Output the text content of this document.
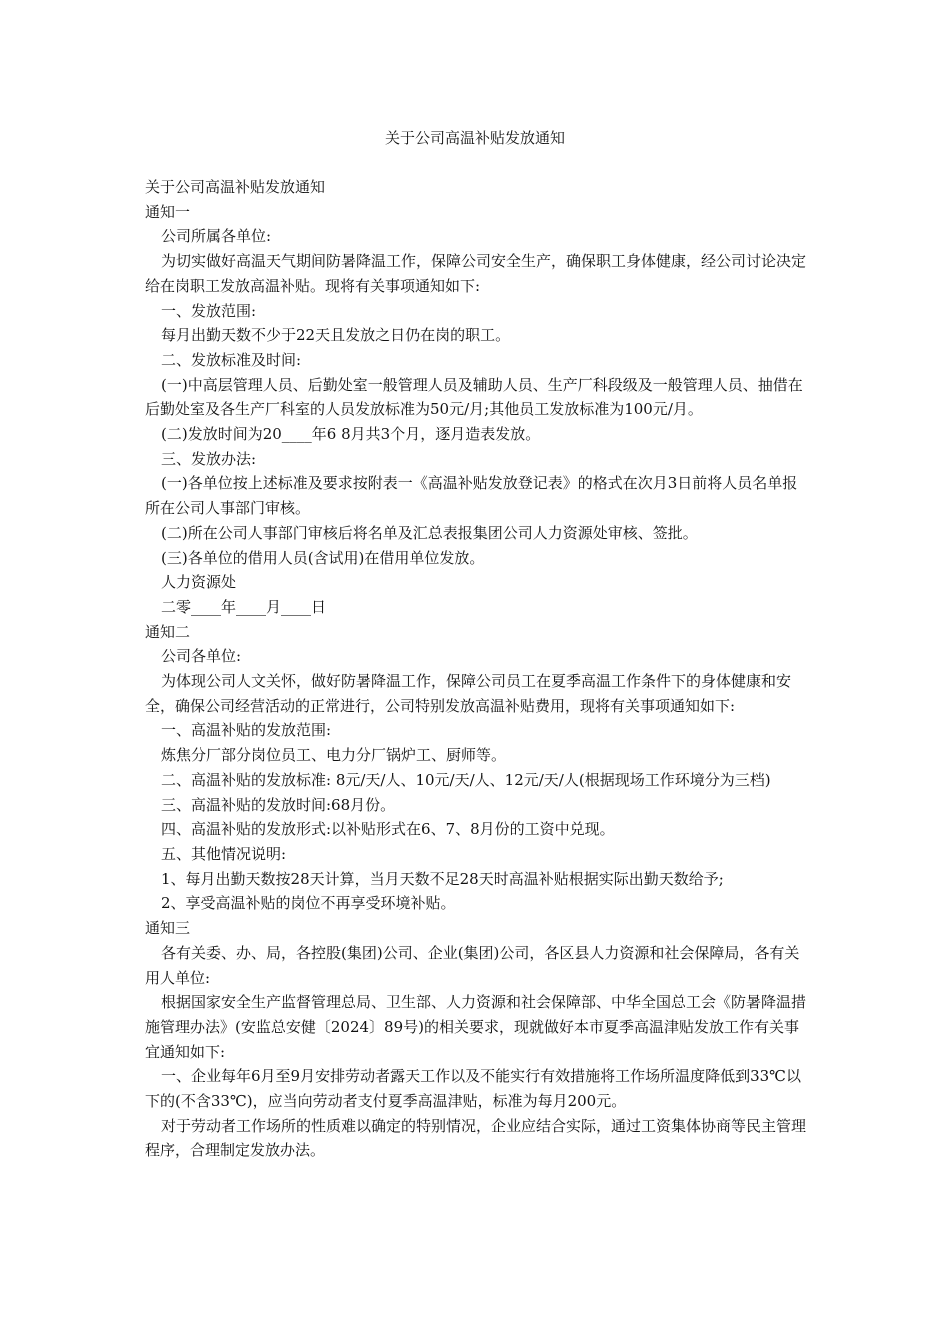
关于公司高温补贴发放通知

关于公司高温补贴发放通知

通知一

公司所属各单位:

为切实做好高温天气期间防暑降温工作，保障公司安全生产，确保职工身体健康，经公司讨论决定给在岗职工发放高温补贴。现将有关事项通知如下:

一、发放范围:

每月出勤天数不少于22天且发放之日仍在岗的职工。

二、发放标准及时间:

(一)中高层管理人员、后勤处室一般管理人员及辅助人员、生产厂科段级及一般管理人员、抽借在后勤处室及各生产厂科室的人员发放标准为50元/月;其他员工发放标准为100元/月。

(二)发放时间为20____年6 8月共3个月，逐月造表发放。

三、发放办法:

(一)各单位按上述标准及要求按附表一《高温补贴发放登记表》的格式在次月3日前将人员名单报所在公司人事部门审核。

(二)所在公司人事部门审核后将名单及汇总表报集团公司人力资源处审核、签批。

(三)各单位的借用人员(含试用)在借用单位发放。

人力资源处

二零____年____月____日

通知二

公司各单位:

为体现公司人文关怀，做好防暑降温工作，保障公司员工在夏季高温工作条件下的身体健康和安全，确保公司经营活动的正常进行，公司特别发放高温补贴费用，现将有关事项通知如下:

一、高温补贴的发放范围:

炼焦分厂部分岗位员工、电力分厂锅炉工、厨师等。

二、高温补贴的发放标准: 8元/天/人、10元/天/人、12元/天/人(根据现场工作环境分为三档)

三、高温补贴的发放时间:68月份。

四、高温补贴的发放形式:以补贴形式在6、7、8月份的工资中兑现。

五、其他情况说明:

1、每月出勤天数按28天计算，当月天数不足28天时高温补贴根据实际出勤天数给予;

2、享受高温补贴的岗位不再享受环境补贴。

通知三

各有关委、办、局，各控股(集团)公司、企业(集团)公司，各区县人力资源和社会保障局，各有关用人单位:

根据国家安全生产监督管理总局、卫生部、人力资源和社会保障部、中华全国总工会《防暑降温措施管理办法》(安监总安健〔2024〕89号)的相关要求，现就做好本市夏季高温津贴发放工作有关事宜通知如下:

一、企业每年6月至9月安排劳动者露天工作以及不能实行有效措施将工作场所温度降低到33℃以下的(不含33℃)，应当向劳动者支付夏季高温津贴，标准为每月200元。

对于劳动者工作场所的性质难以确定的特别情况，企业应结合实际，通过工资集体协商等民主管理程序，合理制定发放办法。
